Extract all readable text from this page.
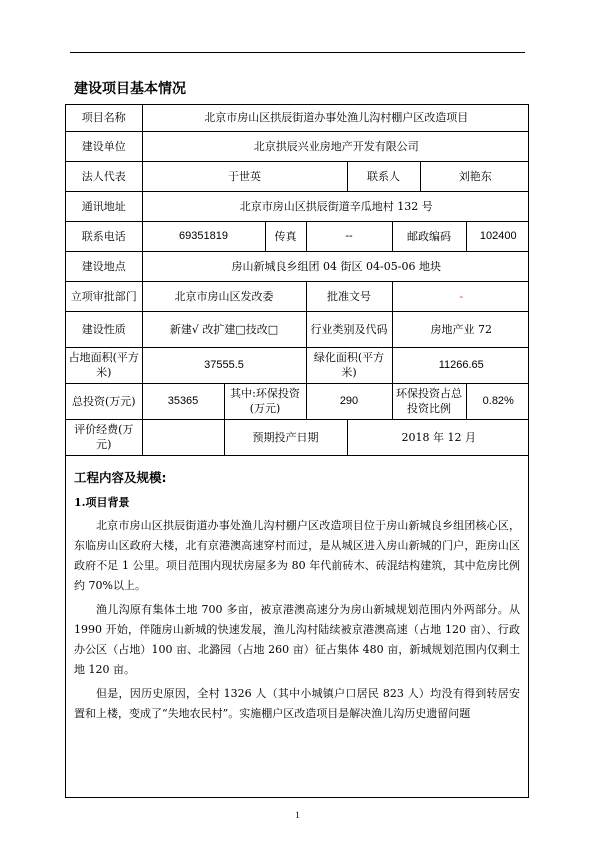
建设项目基本情况
项目名称	北京市房山区拱辰街道办事处渔儿沟村棚户区改造项目							
建设单位	北京拱辰兴业房地产开发有限公司							
法人代表	于世英				联系人		刘艳东	
通讯地址	北京市房山区拱辰街道辛瓜地村 132 号							
联系电话	69351819		传真	--		邮政编码		102400
建设地点	房山新城良乡组团 04 街区 04-05-06 地块							
立项审批部门	北京市房山区发改委			批准文号		-		
建设性质	新建√ 改扩建□技改□			行业类别及代码		房地产业 72		
占地面积(平方米)	37555.5			绿化面积(平方米)		11266.65		
总投资(万元)	35365	其中:环保投资(万元)		290		环保投资占总投资比例		0.82%
评价经费(万元)		预期投产日期			2018 年 12 月			
工程内容及规模:
1.项目背景

北京市房山区拱辰街道办事处渔儿沟村棚户区改造项目位于房山新城良乡组团核心区，东临房山区政府大楼，北有京港澳高速穿村而过，是从城区进入房山新城的门户，距房山区政府不足 1 公里。项目范围内现状房屋多为 80 年代前砖木、砖混结构建筑，其中危房比例约 70%以上。

渔儿沟原有集体土地 700 多亩，被京港澳高速分为房山新城规划范围内外两部分。从 1990 开始，伴随房山新城的快速发展，渔儿沟村陆续被京港澳高速（占地 120 亩）、行政办公区（占地）100 亩、北潞园（占地 260 亩）征占集体 480 亩，新城规划范围内仅剩土地 120 亩。

但是，因历史原因，全村 1326 人（其中小城镇户口居民 823 人）均没有得到转居安置和上楼，变成了“失地农民村”。实施棚户区改造项目是解决渔儿沟历史遗留问题

1
